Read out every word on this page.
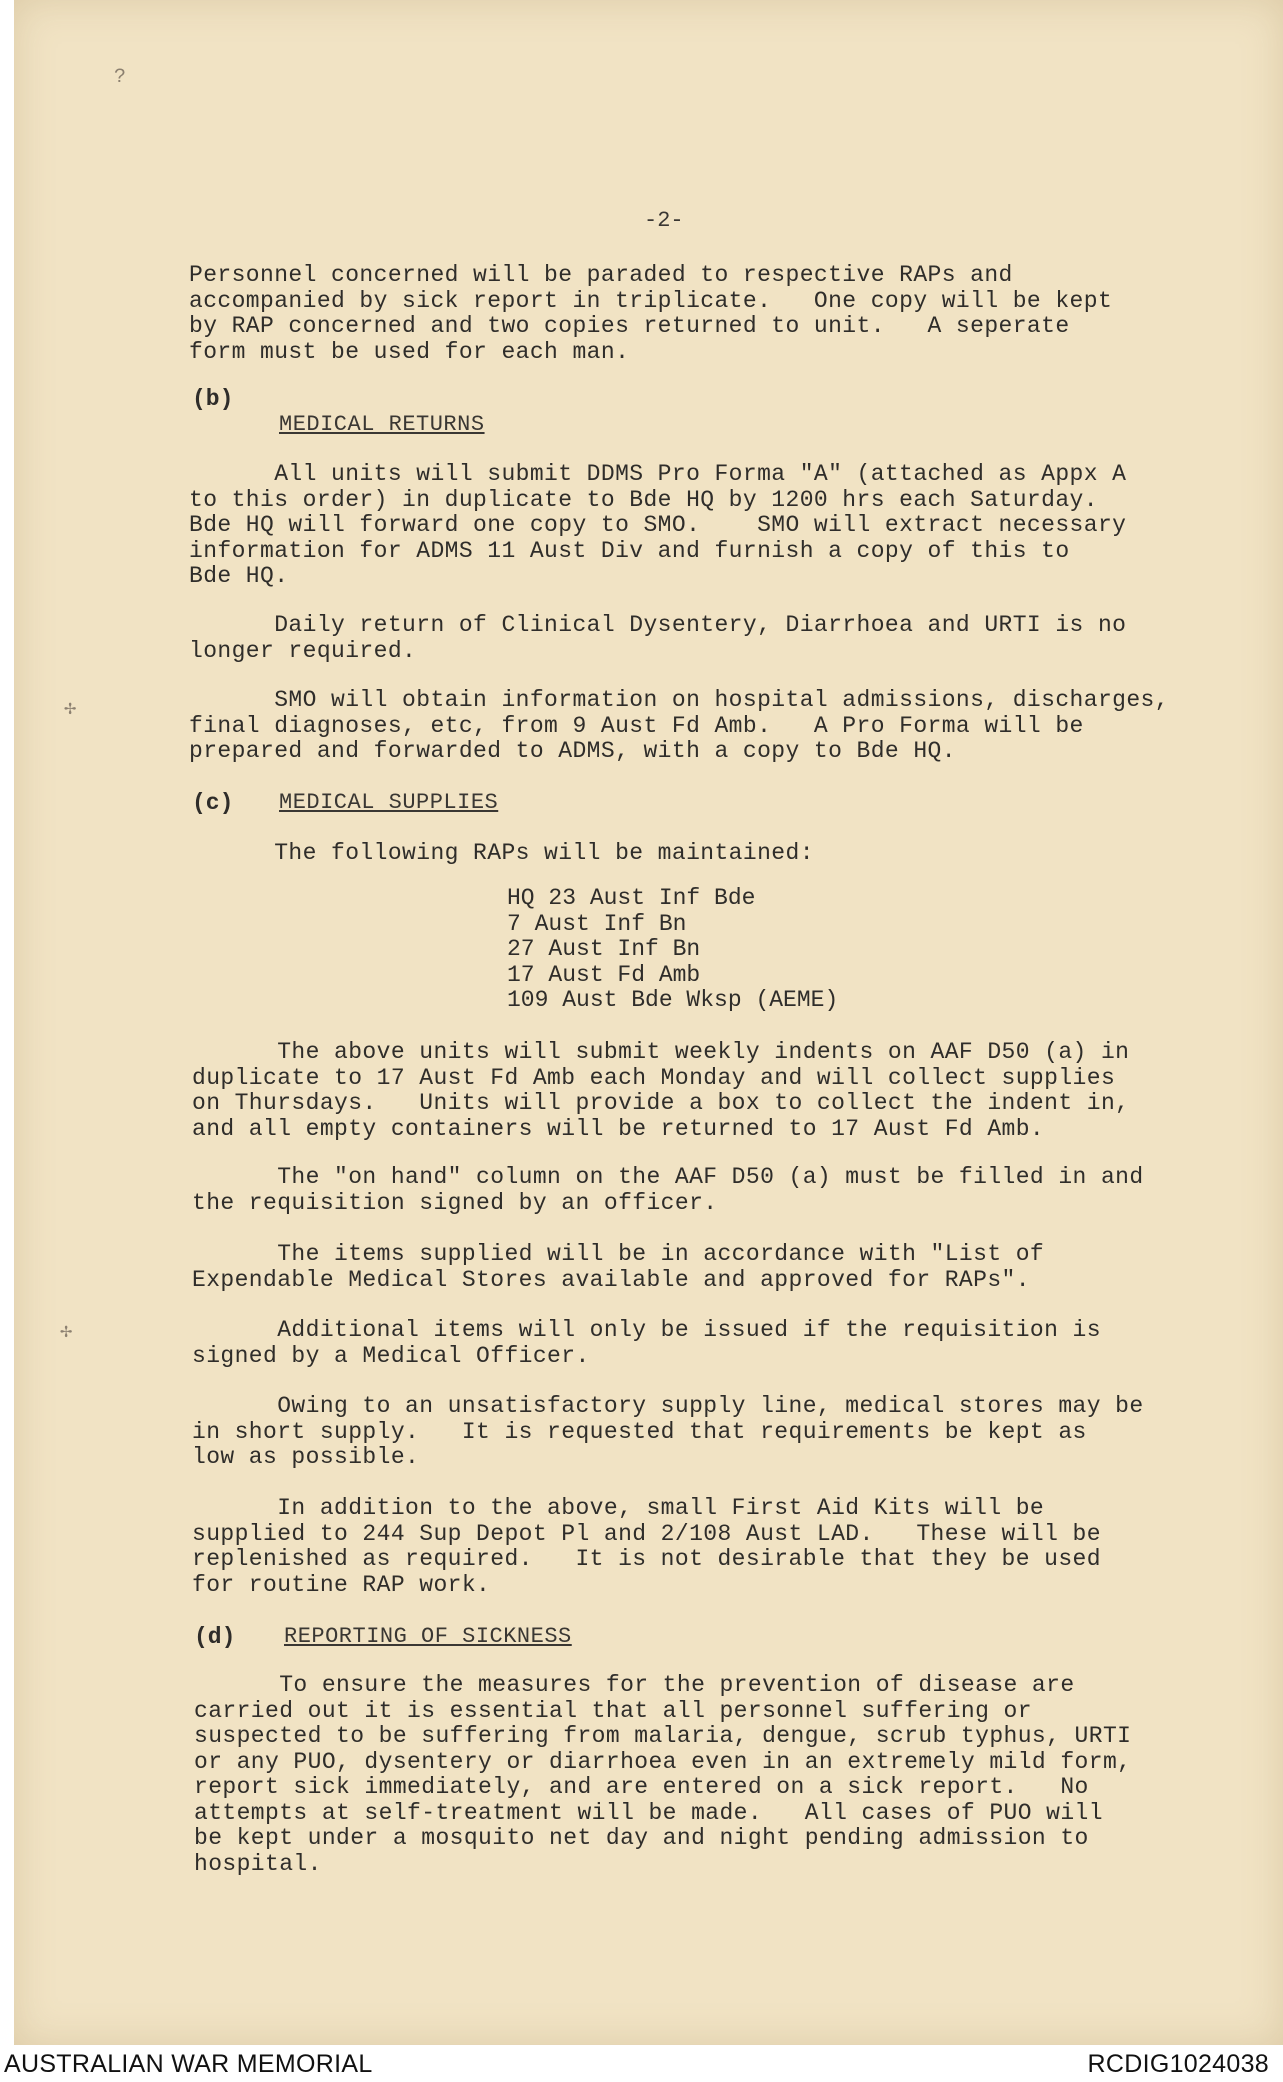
?
✢
✢
-2-

Personnel concerned will be paraded to respective RAPs and
accompanied by sick report in triplicate.   One copy will be kept
by RAP concerned and two copies returned to unit.   A seperate
form must be used for each man.

(b)
MEDICAL RETURNS

All units will submit DDMS Pro Forma "A" (attached as Appx A
to this order) in duplicate to Bde HQ by 1200 hrs each Saturday.
Bde HQ will forward one copy to SMO.    SMO will extract necessary
information for ADMS 11 Aust Div and furnish a copy of this to
Bde HQ.

Daily return of Clinical Dysentery, Diarrhoea and URTI is no
longer required.

SMO will obtain information on hospital admissions, discharges,
final diagnoses, etc, from 9 Aust Fd Amb.   A Pro Forma will be
prepared and forwarded to ADMS, with a copy to Bde HQ.

(c) MEDICAL SUPPLIES

The following RAPs will be maintained:

HQ 23 Aust Inf Bde
7 Aust Inf Bn
27 Aust Inf Bn
17 Aust Fd Amb
109 Aust Bde Wksp (AEME)

The above units will submit weekly indents on AAF D50 (a) in
duplicate to 17 Aust Fd Amb each Monday and will collect supplies
on Thursdays.   Units will provide a box to collect the indent in,
and all empty containers will be returned to 17 Aust Fd Amb.

The "on hand" column on the AAF D50 (a) must be filled in and
the requisition signed by an officer.

The items supplied will be in accordance with "List of
Expendable Medical Stores available and approved for RAPs".

Additional items will only be issued if the requisition is
signed by a Medical Officer.

Owing to an unsatisfactory supply line, medical stores may be
in short supply.   It is requested that requirements be kept as
low as possible.

In addition to the above, small First Aid Kits will be
supplied to 244 Sup Depot Pl and 2/108 Aust LAD.   These will be
replenished as required.   It is not desirable that they be used
for routine RAP work.

(d) REPORTING OF SICKNESS

To ensure the measures for the prevention of disease are
carried out it is essential that all personnel suffering or
suspected to be suffering from malaria, dengue, scrub typhus, URTI
or any PUO, dysentery or diarrhoea even in an extremely mild form,
report sick immediately, and are entered on a sick report.   No
attempts at self-treatment will be made.   All cases of PUO will
be kept under a mosquito net day and night pending admission to
hospital.

AUSTRALIAN WAR MEMORIAL	RCDIG1024038
